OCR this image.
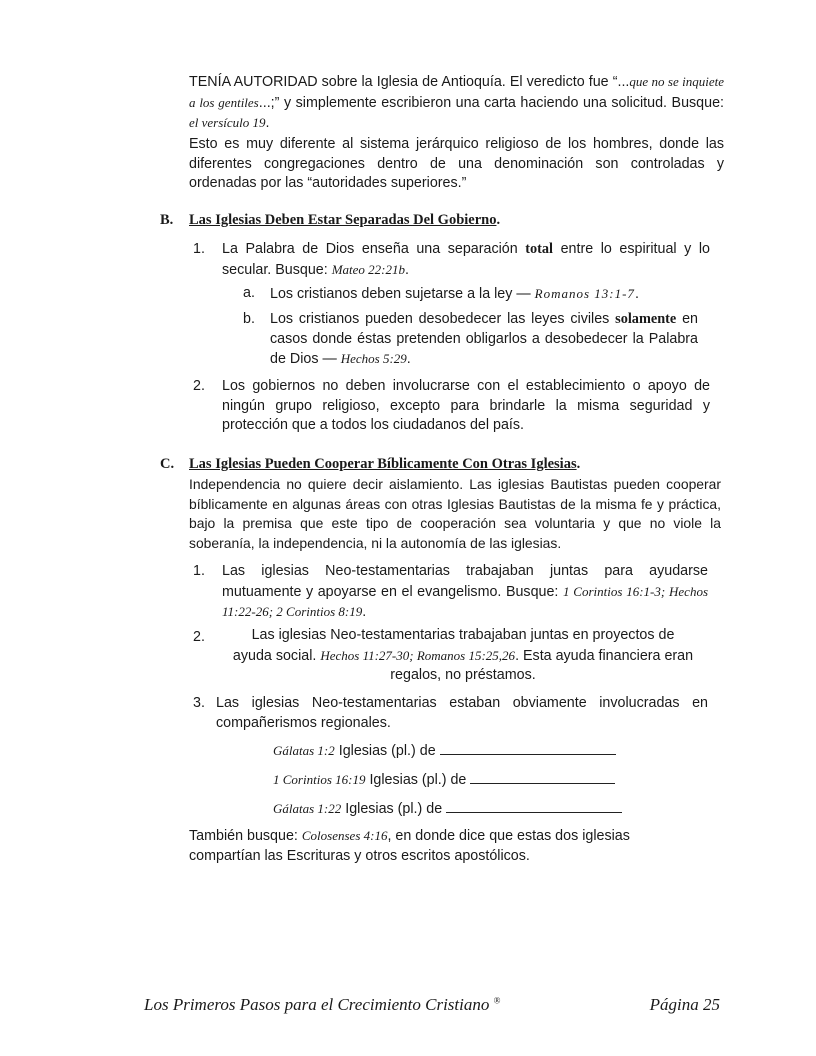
TENÍA AUTORIDAD sobre la Iglesia de Antioquía. El veredicto fue “...que no se inquiete a los gentiles...;” y simplemente escribieron una carta haciendo una solicitud. Busque: el versículo 19.
Esto es muy diferente al sistema jerárquico religioso de los hombres, donde las diferentes congregaciones dentro de una denominación son controladas y ordenadas por las “autoridades superiores.”
B. Las Iglesias Deben Estar Separadas Del Gobierno.
1. La Palabra de Dios enseña una separación total entre lo espiritual y lo secular. Busque: Mateo 22:21b.
a. Los cristianos deben sujetarse a la ley — Romanos 13:1-7.
b. Los cristianos pueden desobedecer las leyes civiles solamente en casos donde éstas pretenden obligarlos a desobedecer la Palabra de Dios — Hechos 5:29.
2. Los gobiernos no deben involucrarse con el establecimiento o apoyo de ningún grupo religioso, excepto para brindarle la misma seguridad y protección que a todos los ciudadanos del país.
C. Las Iglesias Pueden Cooperar Bíblicamente Con Otras Iglesias.
Independencia no quiere decir aislamiento. Las iglesias Bautistas pueden cooperar bíblicamente en algunas áreas con otras Iglesias Bautistas de la misma fe y práctica, bajo la premisa que este tipo de cooperación sea voluntaria y que no viole la soberanía, la independencia, ni la autonomía de las iglesias.
1. Las iglesias Neo-testamentarias trabajaban juntas para ayudarse mutuamente y apoyarse en el evangelismo. Busque: 1 Corintios 16:1-3; Hechos 11:22-26; 2 Corintios 8:19.
2.	Las iglesias Neo-testamentarias trabajaban juntas en proyectos de ayuda social. Hechos 11:27-30; Romanos 15:25,26. Esta ayuda financiera eran regalos, no préstamos.
3. Las iglesias Neo-testamentarias estaban obviamente involucradas en compañerismos regionales.
Gálatas 1:2 Iglesias (pl.) de
1 Corintios 16:19 Iglesias (pl.) de
Gálatas 1:22 Iglesias (pl.) de
También busque: Colosenses 4:16, en donde dice que estas dos iglesias compartían las Escrituras y otros escritos apostólicos.
Los Primeros Pasos para el Crecimiento Cristiano ®	Página 25
